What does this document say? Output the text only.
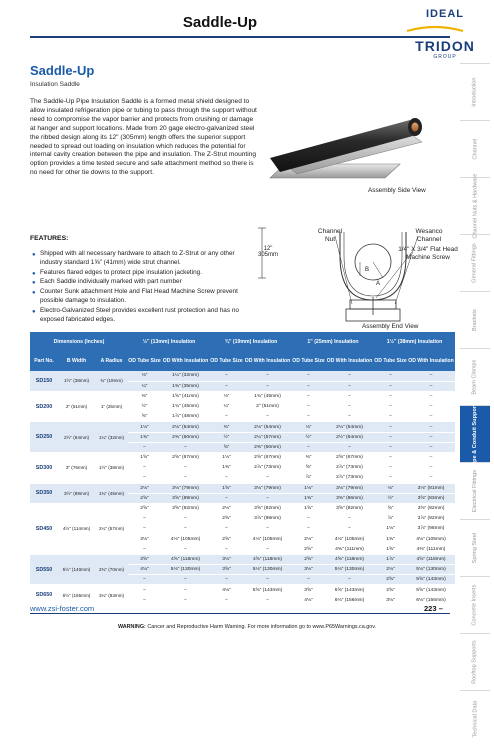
Saddle-Up	IDEAL
TRIDON
GROUP
Saddle-Up
Insulation Saddle
The Saddle-Up Pipe Insulation Saddle is a formed metal shield designed to allow insulated refrigeration pipe or tubing to pass through the support without need to compromise the vapor barrier and protects from crushing or damage at hanger and support locations. Made from 20 gage electro-galvanized steel the ribbed design along its 12" (305mm) length offers the superior support needed to spread out loading on insulation which reduces the potential for internal cavity creation between the pipe and insulation. The Z-Strut mounting option provides a time tested secure and safe attachment method so there is no need for other tie downs to the support.
FEATURES:
● Shipped with all necessary hardware to attach to Z-Strut or any other industry standard 1⅝" (41mm) wide strut channel.
● Features flared edges to protect pipe insulation jacketing.
● Each Saddle individually marked with part number
● Counter Sunk attachment Hole and Flat Head Machine Screw prevent possible damage to insulation.
● Electro-Galvanized Steel provides excellent rust protection and has no exposed fabricated edges.
Assembly Side View
12"
305mm
Channel Nut
Wesanco Channel
1/4" X 3/4" Flat Head Machine Screw
B
A
Assembly End View
Introduction
Channel
Channel Nuts & Hardware
General Fittings
Brackets
Beam Clamps
Pipe & Conduit Supports
Electrical Fittings
Spring Steel
Concrete Inserts
Rooftop Supports
Technical Data
Dimensions (Inches)			½" (13mm) Insulation		¾" (19mm) Insulation		1" (25mm) Insulation		1½" (38mm) Insulation	
Part No.	B Width	A Radius	OD Tube Size	OD With Insulation	OD Tube Size	OD With Insulation	OD Tube Size	OD With Insulation	OD Tube Size	OD With Insulation
SD150	1½" (38mm)	¾" (19mm)	⅛"	1¼" (32mm)	–	–	–	–	–	–
			¼"	1⅜" (35mm)	–	–	–	–	–	–
SD200	2" (51mm)	1" (25mm)	⅜"	1⅝" (41mm)	⅛"	1¾" (45mm)	–	–	–	–
			½"	1¾" (45mm)	¼"	2" (51mm)	–	–	–	–
			⅝"	1⅞" (48mm)	–	–	–	–	–	–
SD250	2½" (64mm)	1¼" (32mm)	1⅛"	2⅛" (54mm)	⅜"	2⅛" (54mm)	⅛"	2⅛" (54mm)	–	–
			1⅜"	2⅜" (60mm)	½"	2¼" (57mm)	½"	2½" (64mm)	–	–
			–	–	⅝"	2⅜" (60mm)	–	–	–	–
SD300	3" (76mm)	1½" (38mm)	1⅝"	2⅝" (67mm)	1⅛"	2⅝" (67mm)	⅜"	2⅝" (67mm)	–	–
			–	–	1⅜"	2⅞" (73mm)	⅝"	2⅞" (73mm)	–	–
			–	–	–	–	⅞"	2⅞" (73mm)	–	–
SD350	3½" (89mm)	1¾" (45mm)	2⅛"	3⅛" (79mm)	1⅝"	3⅛" (79mm)	1⅛"	3⅛" (79mm)	⅛"	3⅛" (81mm)
			2⅝"	3⅝" (89mm)	–	–	1⅜"	3⅜" (86mm)	½"	3⅝" (83mm)
SD450	4½" (114mm)	2¼" (57mm)	2⅝"	3⅝" (92mm)	2⅛"	3⅝" (92mm)	1⅝"	3⅝" (92mm)	⅝"	3⅝" (92mm)
			–	–	2⅝"	3⅞" (98mm)	–	–	⅞"	3⅞" (92mm)
			–	–	–	–	–	–	1⅛"	3⅞" (98mm)
			3⅛"	4⅛" (105mm)	2⅝"	4⅛" (105mm)	2⅛"	4⅛" (105mm)	1⅜"	4⅛" (105mm)
			–	–	–	–	2⅝"	4⅜" (111mm)	1⅝"	4⅜" (111mm)
SD550	5½" (140mm)	2¾" (70mm)	3⅝"	4⅝" (118mm)	3⅛"	4⅝" (118mm)	2⅝"	4⅝" (118mm)	1⅞"	4⅝" (118mm)
			4⅛"	5⅛" (130mm)	3⅝"	5⅛" (130mm)	3⅛"	5⅛" (130mm)	2⅛"	5⅛" (130mm)
			–	–	–	–	–	–	2⅝"	5⅝" (143mm)
SD650	6½" (165mm)	3¼" (83mm)	–	–	4⅛"	5⅝" (143mm)	3⅝"	5⅝" (143mm)	2⅝"	5⅝" (143mm)
			–	–	–	–	4⅛"	6⅛" (156mm)	3⅛"	6⅛" (156mm)
www.zsi-foster.com	223 –
WARNING: Cancer and Reproductive Harm Warning. For more information go to www.P65Warnings.ca.gov.
